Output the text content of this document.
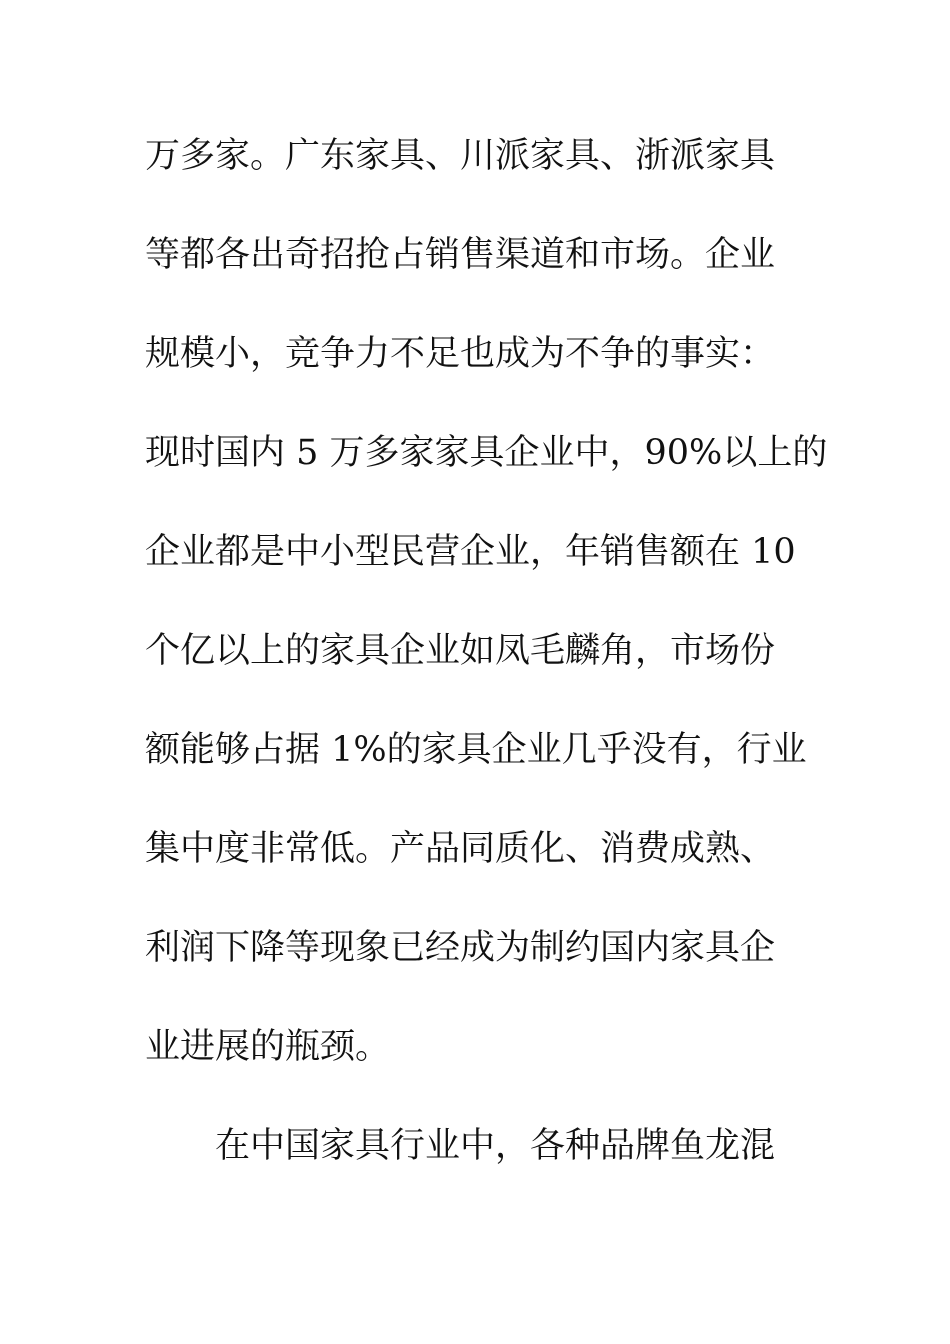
万多家。广东家具、川派家具、浙派家具
等都各出奇招抢占销售渠道和市场。企业
规模小，竞争力不足也成为不争的事实：
现时国内 5 万多家家具企业中，90%以上的
企业都是中小型民营企业，年销售额在 10
个亿以上的家具企业如凤毛麟角，市场份
额能够占据 1%的家具企业几乎没有，行业
集中度非常低。产品同质化、消费成熟、
利润下降等现象已经成为制约国内家具企
业进展的瓶颈。
在中国家具行业中，各种品牌鱼龙混
